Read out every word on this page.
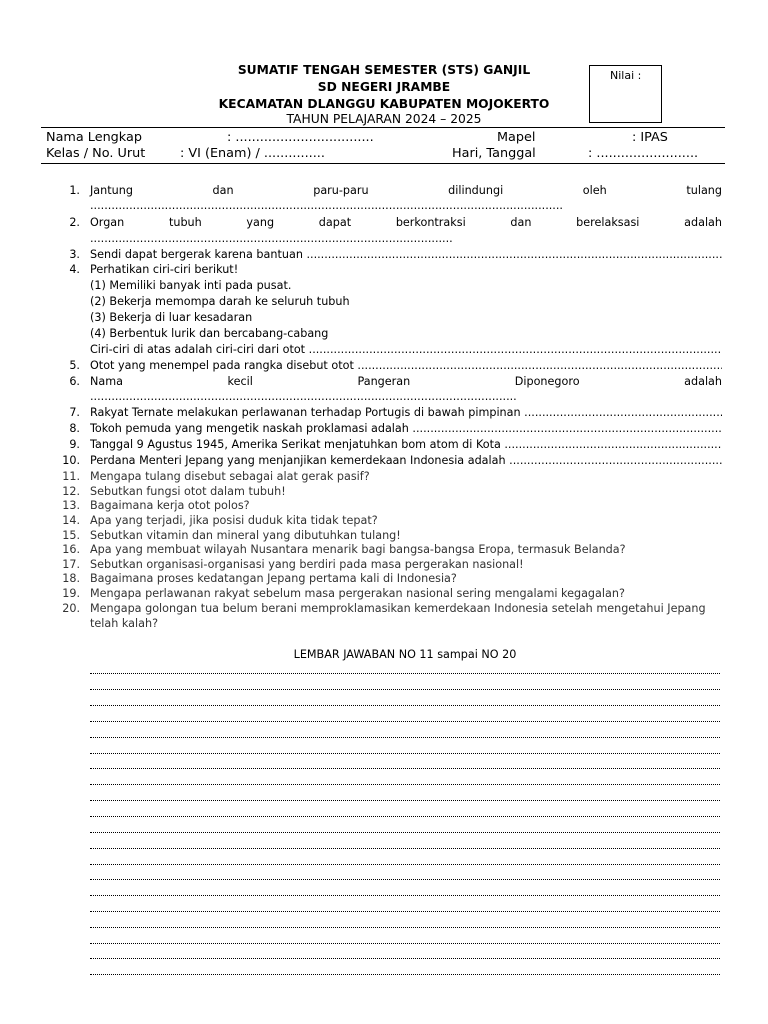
SUMATIF TENGAH SEMESTER (STS) GANJIL
SD NEGERI JRAMBE
KECAMATAN DLANGGU KABUPATEN MOJOKERTO
TAHUN PELAJARAN 2024 – 2025
Nilai :
Nama Lengkap	: ..................................	Mapel	: IPAS
Kelas / No. Urut	: VI (Enam) / ...............	Hari, Tanggal	: .........................
1. Jantung dan paru-paru dilindungi oleh tulang
.....................................................................................................................................
2. Organ tubuh yang dapat berkontraksi dan berelaksasi adalah
......................................................................................................
3. Sendi dapat bergerak karena bantuan .....
4. Perhatikan ciri-ciri berikut!
(1) Memiliki banyak inti pada pusat.
(2) Bekerja memompa darah ke seluruh tubuh
(3) Bekerja di luar kesadaran
(4) Berbentuk lurik dan bercabang-cabang
Ciri-ciri di atas adalah ciri-ciri dari otot .....
5. Otot yang menempel pada rangka disebut otot .....
6. Nama kecil Pangeran Diponegoro adalah
........................................................................................................................
7. Rakyat Ternate melakukan perlawanan terhadap Portugis di bawah pimpinan .....
8. Tokoh pemuda yang mengetik naskah proklamasi adalah .....
9. Tanggal 9 Agustus 1945, Amerika Serikat menjatuhkan bom atom di Kota .....
10. Perdana Menteri Jepang yang menjanjikan kemerdekaan Indonesia adalah .....
11. Mengapa tulang disebut sebagai alat gerak pasif?
12. Sebutkan fungsi otot dalam tubuh!
13. Bagaimana kerja otot polos?
14. Apa yang terjadi, jika posisi duduk kita tidak tepat?
15. Sebutkan vitamin dan mineral yang dibutuhkan tulang!
16. Apa yang membuat wilayah Nusantara menarik bagi bangsa-bangsa Eropa, termasuk Belanda?
17. Sebutkan organisasi-organisasi yang berdiri pada masa pergerakan nasional!
18. Bagaimana proses kedatangan Jepang pertama kali di Indonesia?
19. Mengapa perlawanan rakyat sebelum masa pergerakan nasional sering mengalami kegagalan?
20. Mengapa golongan tua belum berani memproklamasikan kemerdekaan Indonesia setelah mengetahui Jepang
telah kalah?
LEMBAR JAWABAN NO 11 sampai NO 20
